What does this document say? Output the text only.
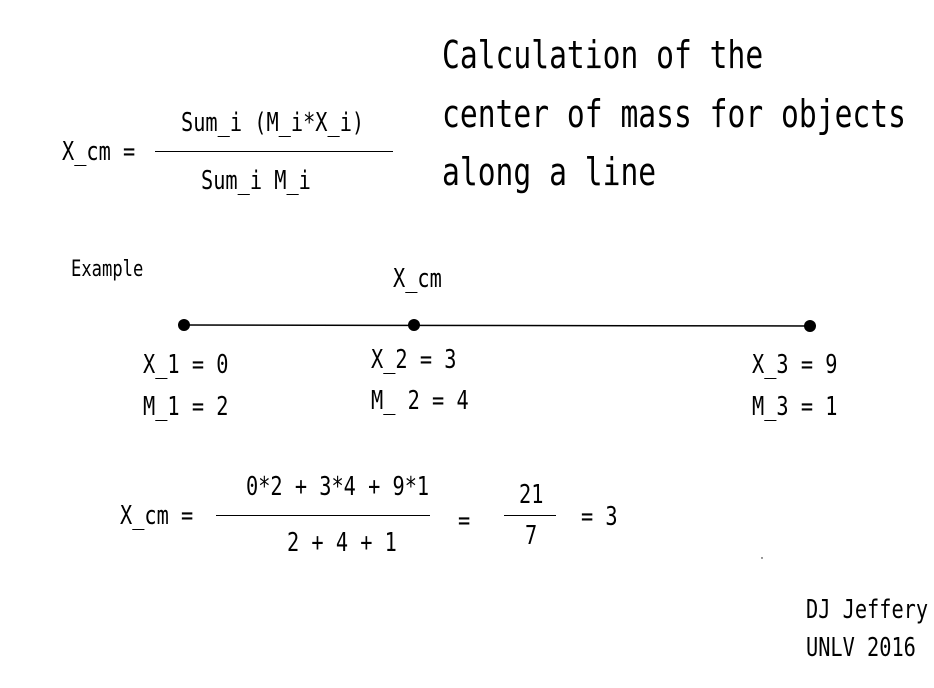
Calculation of the
center of mass for objects
along a line
X_cm =
Sum_i (M_i*X_i)
Sum_i M_i
Example	X_cm
X_1 = 0
M_1 = 2
X_2 = 3
M_ 2 = 4
X_3 = 9
M_3 = 1
X_cm =
0*2 + 3*4 + 9*1
2 + 4 + 1
=
21
7
= 3
DJ Jeffery
UNLV 2016
